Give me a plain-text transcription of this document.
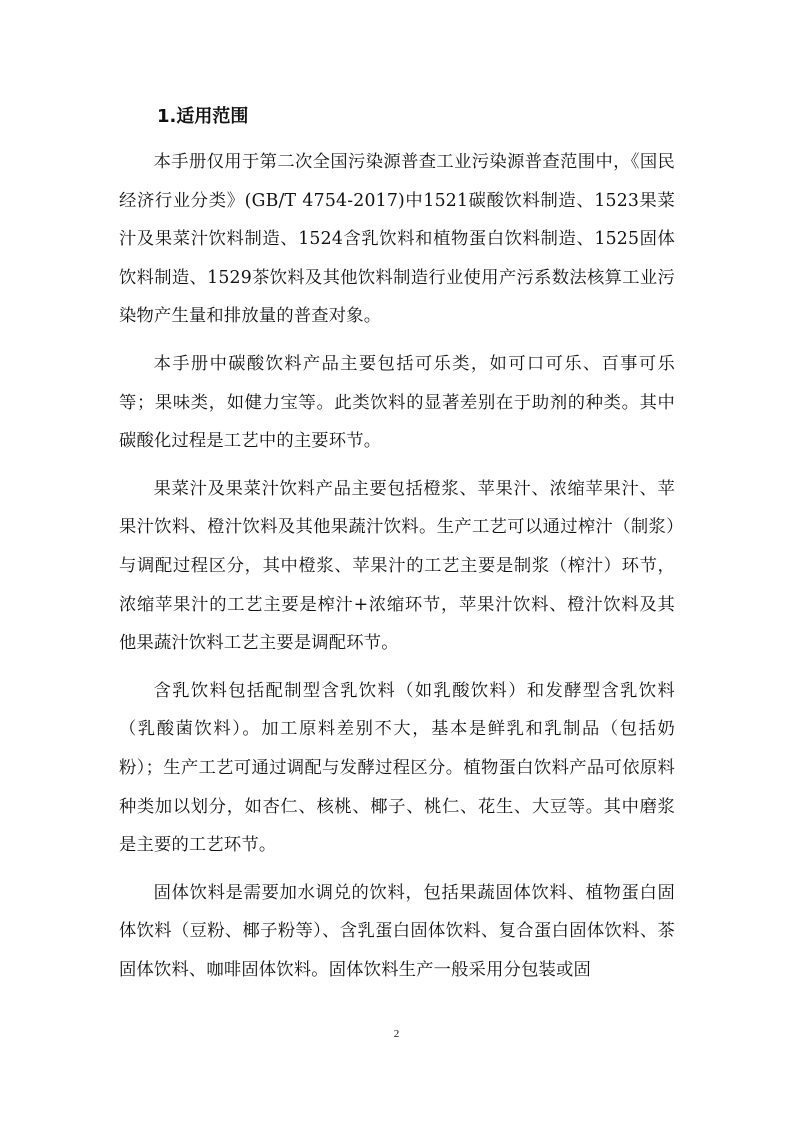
1.适用范围

本手册仅用于第二次全国污染源普查工业污染源普查范围中，《国民经济行业分类》(GB/T 4754-2017)中1521碳酸饮料制造、1523果菜汁及果菜汁饮料制造、1524含乳饮料和植物蛋白饮料制造、1525固体饮料制造、1529茶饮料及其他饮料制造行业使用产污系数法核算工业污染物产生量和排放量的普查对象。

本手册中碳酸饮料产品主要包括可乐类，如可口可乐、百事可乐等；果味类，如健力宝等。此类饮料的显著差别在于助剂的种类。其中碳酸化过程是工艺中的主要环节。

果菜汁及果菜汁饮料产品主要包括橙浆、苹果汁、浓缩苹果汁、苹果汁饮料、橙汁饮料及其他果蔬汁饮料。生产工艺可以通过榨汁（制浆）与调配过程区分，其中橙浆、苹果汁的工艺主要是制浆（榨汁）环节，浓缩苹果汁的工艺主要是榨汁+浓缩环节，苹果汁饮料、橙汁饮料及其他果蔬汁饮料工艺主要是调配环节。

含乳饮料包括配制型含乳饮料（如乳酸饮料）和发酵型含乳饮料（乳酸菌饮料）。加工原料差别不大，基本是鲜乳和乳制品（包括奶粉）；生产工艺可通过调配与发酵过程区分。植物蛋白饮料产品可依原料种类加以划分，如杏仁、核桃、椰子、桃仁、花生、大豆等。其中磨浆是主要的工艺环节。

固体饮料是需要加水调兑的饮料，包括果蔬固体饮料、植物蛋白固体饮料（豆粉、椰子粉等）、含乳蛋白固体饮料、复合蛋白固体饮料、茶固体饮料、咖啡固体饮料。固体饮料生产一般采用分包装或固

2
